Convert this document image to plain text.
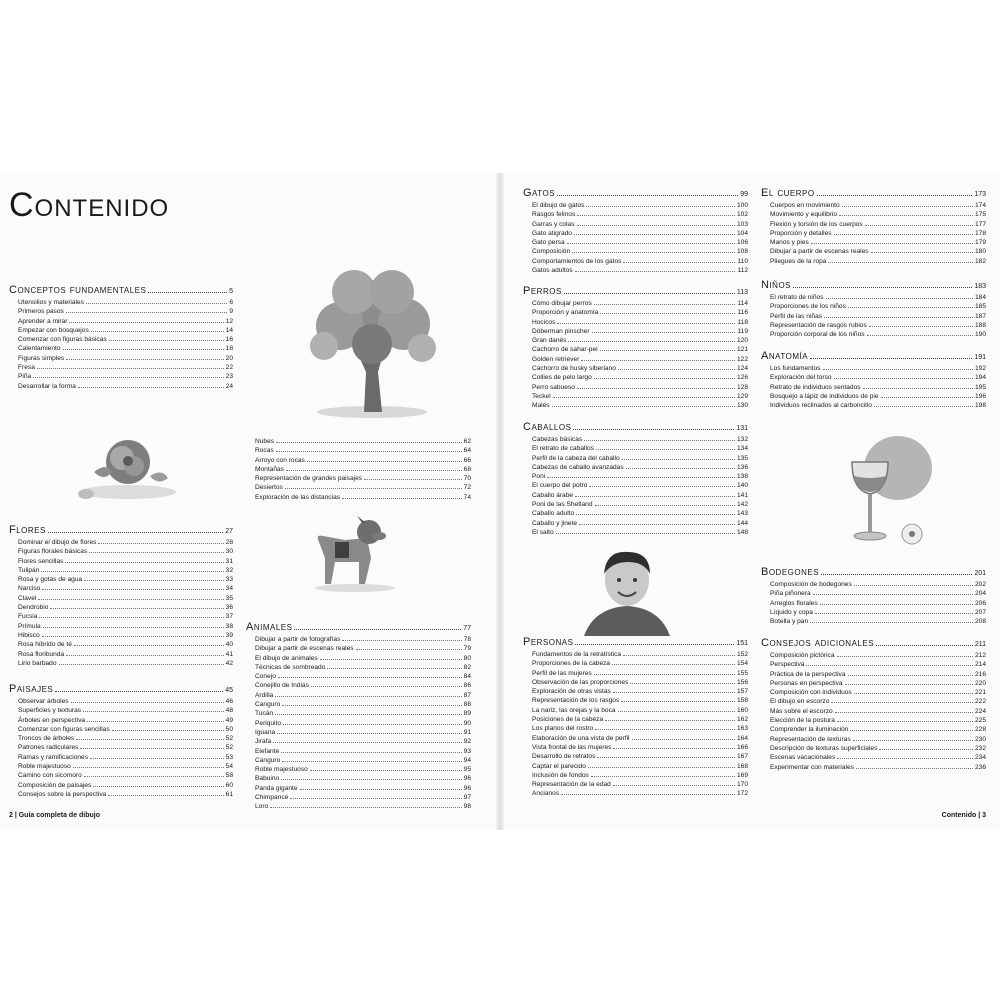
Contenido
Conceptos fundamentales	5
Utensilios y materiales	6
Primeros pasos	9
Aprender a mirar	12
Empezar con bosquejos	14
Comenzar con figuras básicas	16
Calentamiento	18
Figuras simples	20
Fresa	22
Piña	23
Desarrollar la forma	24
Flores	27
Dominar el dibujo de flores	28
Figuras florales básicas	30
Flores sencillas	31
Tulipán	32
Rosa y gotas de agua	33
Narciso	34
Clavel	35
Dendrobio	36
Fucsia	37
Prímula	38
Hibisco	39
Rosa híbrido de té	40
Rosa floribunda	41
Lirio barbado	42
Paisajes	45
Observar árboles	46
Superficies y texturas	48
Árboles en perspectiva	49
Comenzar con figuras sencillas	50
Troncos de árboles	52
Patrones radiculares	52
Ramas y ramificaciones	53
Roble majestuoso	54
Camino con sicomoro	58
Composición de paisajes	60
Consejos sobre la perspectiva	61
Nubes	62
Rocas	64
Arroyo con rocas	66
Montañas	68
Representación de grandes paisajes	70
Desiertos	72
Exploración de las distancias	74
Animales	77
Dibujar a partir de fotografías	78
Dibujar a partir de escenas reales	79
El dibujo de animales	80
Técnicas de sombreado	82
Conejo	84
Conejillo de Indias	86
Ardilla	87
Canguro	88
Tucán	89
Periquito	90
Iguana	91
Jirafa	92
Elefante	93
Canguro	94
Roble majestuoso	95
Babuino	96
Panda gigante	96
Chimpancé	97
Loro	98
Gatos	99
El dibujo de gatos	100
Rasgos felinos	102
Garras y colas	103
Gato atigrado	104
Gato persa	106
Composición	108
Comportamientos de los gatos	110
Gatos adultos	112
Perros	113
Cómo dibujar perros	114
Proporción y anatomía	116
Hocicos	118
Dóberman pinscher	119
Gran danés	120
Cachorro de sahar-pei	121
Golden retriever	122
Cachorro de husky siberiano	124
Collies de pelo largo	126
Perro sabueso	128
Teckel	129
Malés	130
Caballos	131
Cabezas básicas	132
El retrato de caballos	134
Perfil de la cabeza del caballo	135
Cabezas de caballo avanzadas	136
Poni	138
El cuerpo del potro	140
Caballo árabe	141
Poni de las Shetland	142
Caballo adulto	143
Caballo y jinete	144
El salto	148
Personas	151
Fundamentos de la retratística	152
Proporciones de la cabeza	154
Perfil de las mujeres	155
Observación de las proporciones	156
Exploración de otras vistas	157
Representación de los rasgos	158
La nariz, las orejas y la boca	160
Posiciones de la cabeza	162
Los planos del rostro	163
Elaboración de una vista de perfil	164
Vista frontal de las mujeres	166
Desarrollo de retratos	167
Captar el parecido	168
Inclusión de fondos	169
Representación de la edad	170
Ancianos	172
El cuerpo	173
Cuerpos en movimiento	174
Movimiento y equilibrio	175
Flexión y torsión de los cuerpos	177
Proporción y detalles	178
Manos y pies	179
Dibujar a partir de escenas reales	180
Pliegues de la ropa	182
Niños	183
El retrato de niños	184
Proporciones de los niños	185
Perfil de las niñas	187
Representación de rasgos rubios	188
Proporción corporal de los niños	190
Anatomía	191
Los fundamentos	192
Exploración del torso	194
Retrato de individuos sentados	195
Bosquejo a lápiz de individuos de pie	196
Individuos reclinados al carboncillo	198
Bodegones	201
Composición de bodegones	202
Piña piñonera	204
Arreglos florales	206
Líquido y copa	207
Botella y pan	208
Consejos adicionales	211
Composición pictórica	212
Perspectiva	214
Práctica de la perspectiva	216
Personas en perspectiva	220
Composición con individuos	221
El dibujo en escorzo	222
Más sobre el escorzo	224
Elección de la postura	225
Comprender la iluminación	228
Representación de texturas	230
Descripción de texturas superficiales	232
Escenas vacacionales	234
Experimentar con materiales	236
2 | Guía completa de dibujo	Contenido | 3
